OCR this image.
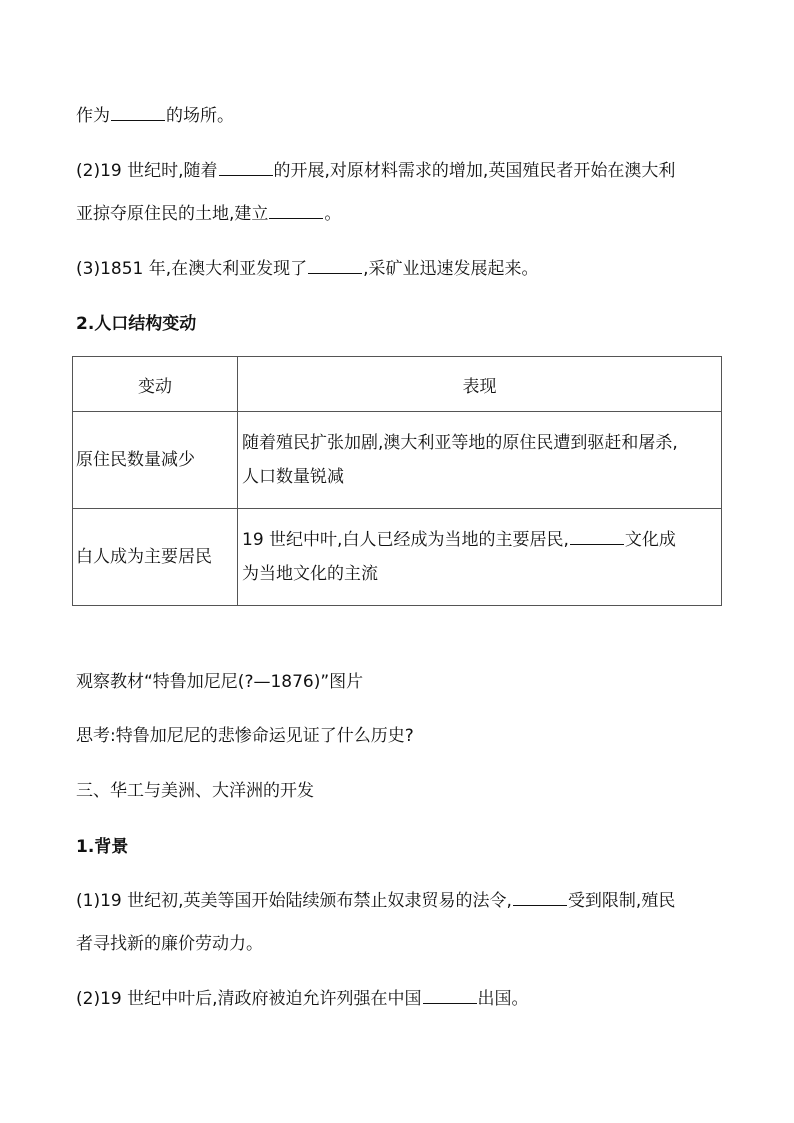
作为	的场所。
(2)19 世纪时,随着	的开展,对原材料需求的增加,英国殖民者开始在澳大利
亚掠夺原住民的土地,建立	。
(3)1851 年,在澳大利亚发现了	,采矿业迅速发展起来。
2.人口结构变动
变动	表现
原住民数量减少	随着殖民扩张加剧,澳大利亚等地的原住民遭到驱赶和屠杀,
人口数量锐减

白人成为主要居民	19 世纪中叶,白人已经成为当地的主要居民, 文化成
为当地文化的主流
观察教材“特鲁加尼尼(?—1876)”图片
思考:特鲁加尼尼的悲惨命运见证了什么历史?
三、华工与美洲、大洋洲的开发
1.背景
(1)19 世纪初,英美等国开始陆续颁布禁止奴隶贸易的法令,	受到限制,殖民
者寻找新的廉价劳动力。
(2)19 世纪中叶后,清政府被迫允许列强在中国	出国。
